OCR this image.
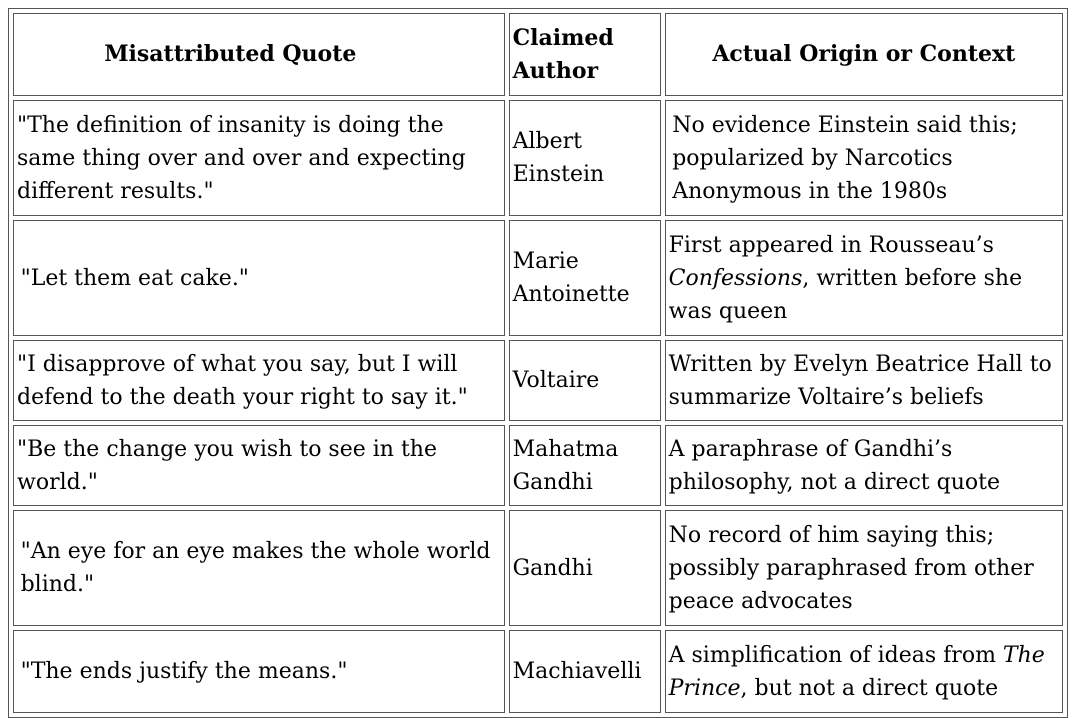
Misattributed Quote	Claimed Author	Actual Origin or Context
"The definition of insanity is doing the same thing over and over and expecting different results."	Albert Einstein	No evidence Einstein said this; popularized by Narcotics Anonymous in the 1980s
"Let them eat cake."	Marie Antoinette	First appeared in Rousseau’s Confessions, written before she was queen
"I disapprove of what you say, but I will defend to the death your right to say it."	Voltaire	Written by Evelyn Beatrice Hall to summarize Voltaire’s beliefs
"Be the change you wish to see in the world."	Mahatma Gandhi	A paraphrase of Gandhi’s philosophy, not a direct quote
"An eye for an eye makes the whole world blind."	Gandhi	No record of him saying this; possibly paraphrased from other peace advocates
"The ends justify the means."	Machiavelli	A simplification of ideas from The Prince, but not a direct quote
